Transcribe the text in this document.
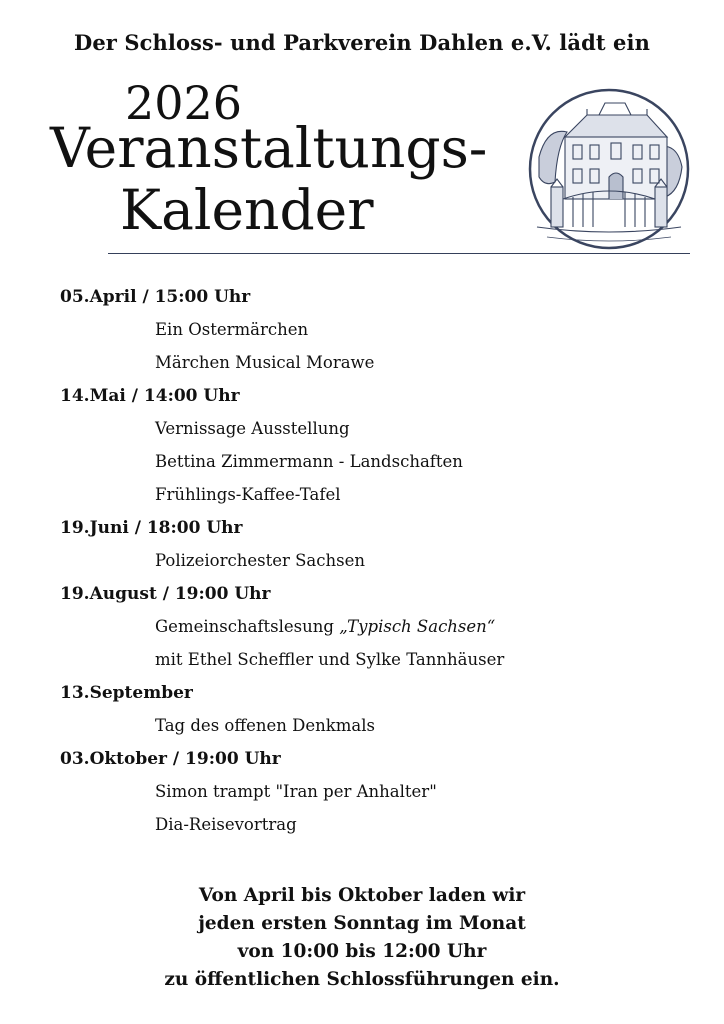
Der Schloss- und Parkverein Dahlen e.V. lädt ein
2026
Veranstaltungs-
Kalender
05.April / 15:00 Uhr
Ein Ostermärchen
Märchen Musical Morawe
14.Mai / 14:00 Uhr
Vernissage Ausstellung
Bettina Zimmermann - Landschaften
Frühlings-Kaffee-Tafel
19.Juni / 18:00 Uhr
Polizeiorchester Sachsen
19.August / 19:00 Uhr
Gemeinschaftslesung „Typisch Sachsen“
mit Ethel Scheffler und Sylke Tannhäuser
13.September
Tag des offenen Denkmals
03.Oktober / 19:00 Uhr
Simon trampt "Iran per Anhalter"
Dia-Reisevortrag
Von April bis Oktober laden wir
jeden ersten Sonntag im Monat
von 10:00 bis 12:00 Uhr
zu öffentlichen Schlossführungen ein.
